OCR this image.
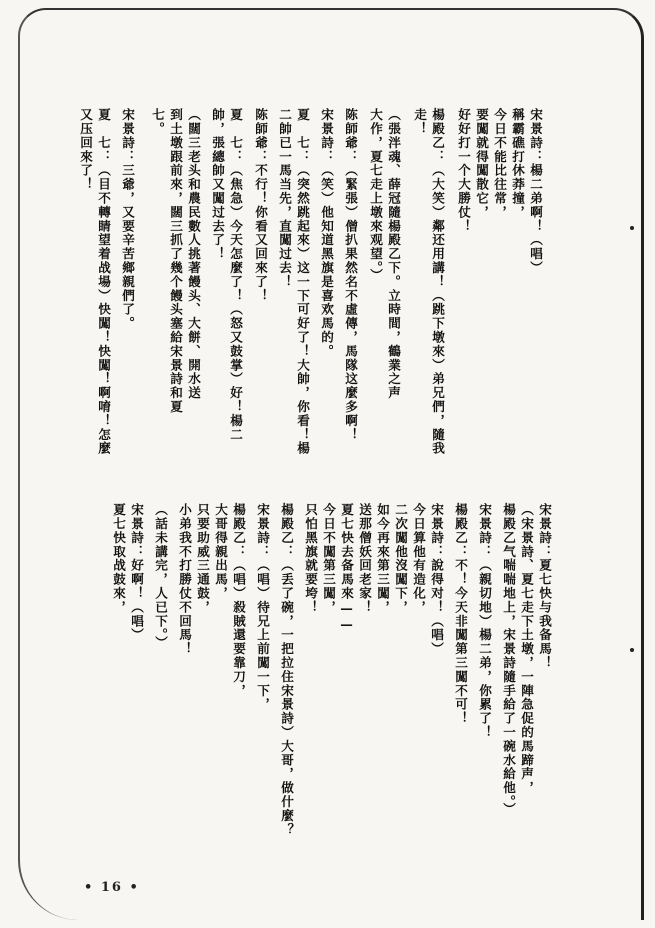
宋景詩：楊二弟啊！（唱）
稱霸礁打休莽撞，
今日不能比往常，
要闖就得闖散它，
好好打一个大勝仗！
楊殿乙：（大笑）鄰还用講！（跳下墩來）弟兄們，隨我
走！
（張泮魂、薛冠隨楊殿乙下。立時間，鶴業之声
大作，夏七走上墩來观望。）
陈師爺：（緊張）僧扒果然名不虛傳，馬隊这麼多啊！
宋景詩：（笑）他知道黑旗是喜欢馬的。
夏　七：（突然跳起來）这一下可好了！大帥，你看！楊
二帥已一馬当先，直闖过去！
陈師爺：不行！你看又回來了！
夏　七：（焦急）今天怎麼了！（怒又鼓掌）好！楊二
帥，張總帥又闖过去了！
（闊三老头和農民數人挑著饅头、大餅、開水送
到土墩跟前來，闊三抓了幾个饅头塞給宋景詩和夏
七。
宋景詩：三爺，又要辛苦鄉親們了。
夏　七：（目不轉睛望着战場）快闖！快闖！啊唷！怎麼
又压回來了！
宋景詩：夏七快与我备馬！
（宋景詩、夏七走下土墩，一陣急促的馬蹄声，
楊殿乙气喘喘地上，宋景詩隨手給了一碗水給他。）
宋景詩：（親切地）楊二弟，你累了！
楊殿乙：不！今天非闖第三闖不可！
宋景詩：說得对！（唱）
今日算他有造化，
二次闖他沒闖下，
如今再來第三闖，
送那僧妖回老家！
夏七快去备馬來——
今日不闖第三闖，
只怕黑旗就要垮！
楊殿乙：（丢了碗，一把拉住宋景詩）大哥，做什麼？
宋景詩：（唱）待兄上前闖一下，
楊殿乙：（唱）殺賊還要靠刀，
大哥得親出馬，
只要助威三通鼓，
小弟我不打勝仗不回馬！
（話未講完，人已下。）
宋景詩：好啊！（唱）
夏七快取战鼓來，
• 16 •
